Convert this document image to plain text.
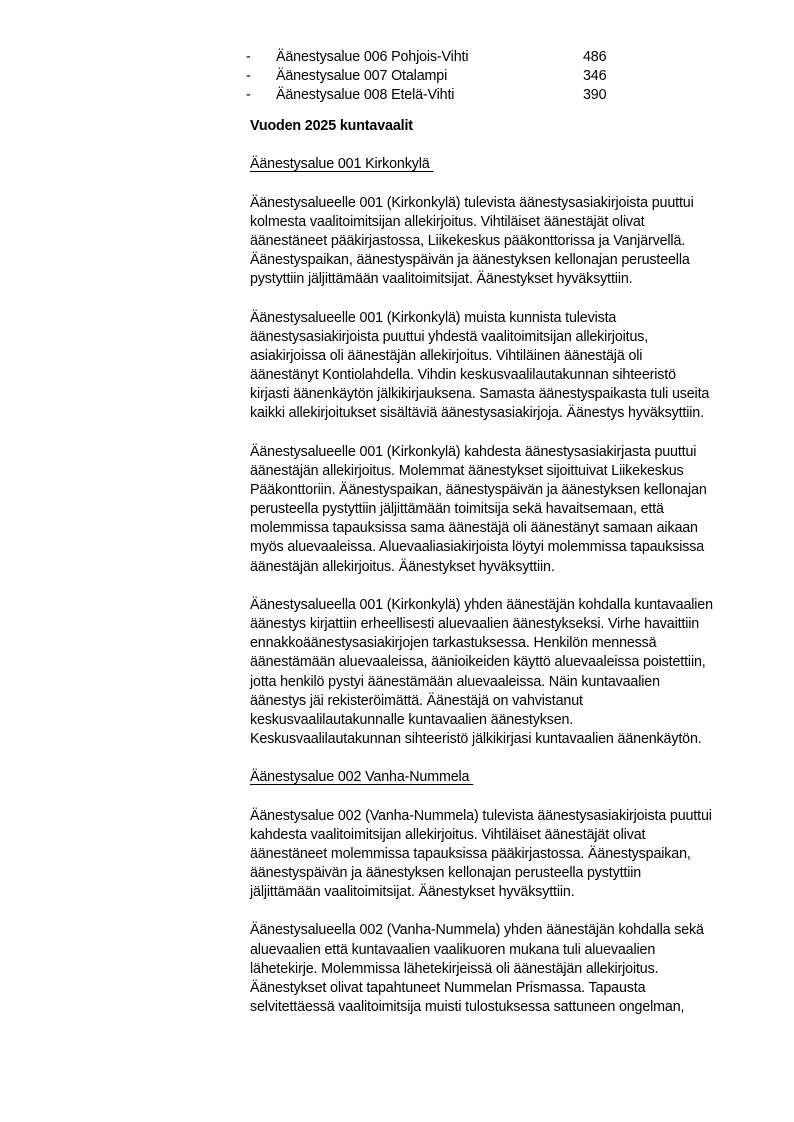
- Äänestysalue 006 Pohjois-Vihti	486
- Äänestysalue 007 Otalampi	346
- Äänestysalue 008 Etelä-Vihti	390

Vuoden 2025 kuntavaalit

Äänestysalue 001 Kirkonkylä

Äänestysalueelle 001 (Kirkonkylä) tulevista äänestysasiakirjoista puuttui

kolmesta vaalitoimitsijan allekirjoitus. Vihtiläiset äänestäjät olivat

äänestäneet pääkirjastossa, Liikekeskus pääkonttorissa ja Vanjärvellä.

Äänestyspaikan, äänestyspäivän ja äänestyksen kellonajan perusteella

pystyttiin jäljittämään vaalitoimitsijat. Äänestykset hyväksyttiin.

Äänestysalueelle 001 (Kirkonkylä) muista kunnista tulevista

äänestysasiakirjoista puuttui yhdestä vaalitoimitsijan allekirjoitus,

asiakirjoissa oli äänestäjän allekirjoitus. Vihtiläinen äänestäjä oli

äänestänyt Kontiolahdella. Vihdin keskusvaalilautakunnan sihteeristö

kirjasti äänenkäytön jälkikirjauksena. Samasta äänestyspaikasta tuli useita

kaikki allekirjoitukset sisältäviä äänestysasiakirjoja. Äänestys hyväksyttiin.

Äänestysalueelle 001 (Kirkonkylä) kahdesta äänestysasiakirjasta puuttui

äänestäjän allekirjoitus. Molemmat äänestykset sijoittuivat Liikekeskus

Pääkonttoriin. Äänestyspaikan, äänestyspäivän ja äänestyksen kellonajan

perusteella pystyttiin jäljittämään toimitsija sekä havaitsemaan, että

molemmissa tapauksissa sama äänestäjä oli äänestänyt samaan aikaan

myös aluevaaleissa. Aluevaaliasiakirjoista löytyi molemmissa tapauksissa

äänestäjän allekirjoitus. Äänestykset hyväksyttiin.

Äänestysalueella 001 (Kirkonkylä) yhden äänestäjän kohdalla kuntavaalien

äänestys kirjattiin erheellisesti aluevaalien äänestykseksi. Virhe havaittiin

ennakkoäänestysasiakirjojen tarkastuksessa. Henkilön mennessä

äänestämään aluevaaleissa, äänioikeiden käyttö aluevaaleissa poistettiin,

jotta henkilö pystyi äänestämään aluevaaleissa. Näin kuntavaalien

äänestys jäi rekisteröimättä. Äänestäjä on vahvistanut

keskusvaalilautakunnalle kuntavaalien äänestyksen.

Keskusvaalilautakunnan sihteeristö jälkikirjasi kuntavaalien äänenkäytön.

Äänestysalue 002 Vanha-Nummela

Äänestysalue 002 (Vanha-Nummela) tulevista äänestysasiakirjoista puuttui

kahdesta vaalitoimitsijan allekirjoitus. Vihtiläiset äänestäjät olivat

äänestäneet molemmissa tapauksissa pääkirjastossa. Äänestyspaikan,

äänestyspäivän ja äänestyksen kellonajan perusteella pystyttiin

jäljittämään vaalitoimitsijat. Äänestykset hyväksyttiin.

Äänestysalueella 002 (Vanha-Nummela) yhden äänestäjän kohdalla sekä

aluevaalien että kuntavaalien vaalikuoren mukana tuli aluevaalien

lähetekirje. Molemmissa lähetekirjeissä oli äänestäjän allekirjoitus.

Äänestykset olivat tapahtuneet Nummelan Prismassa. Tapausta

selvitettäessä vaalitoimitsija muisti tulostuksessa sattuneen ongelman,
